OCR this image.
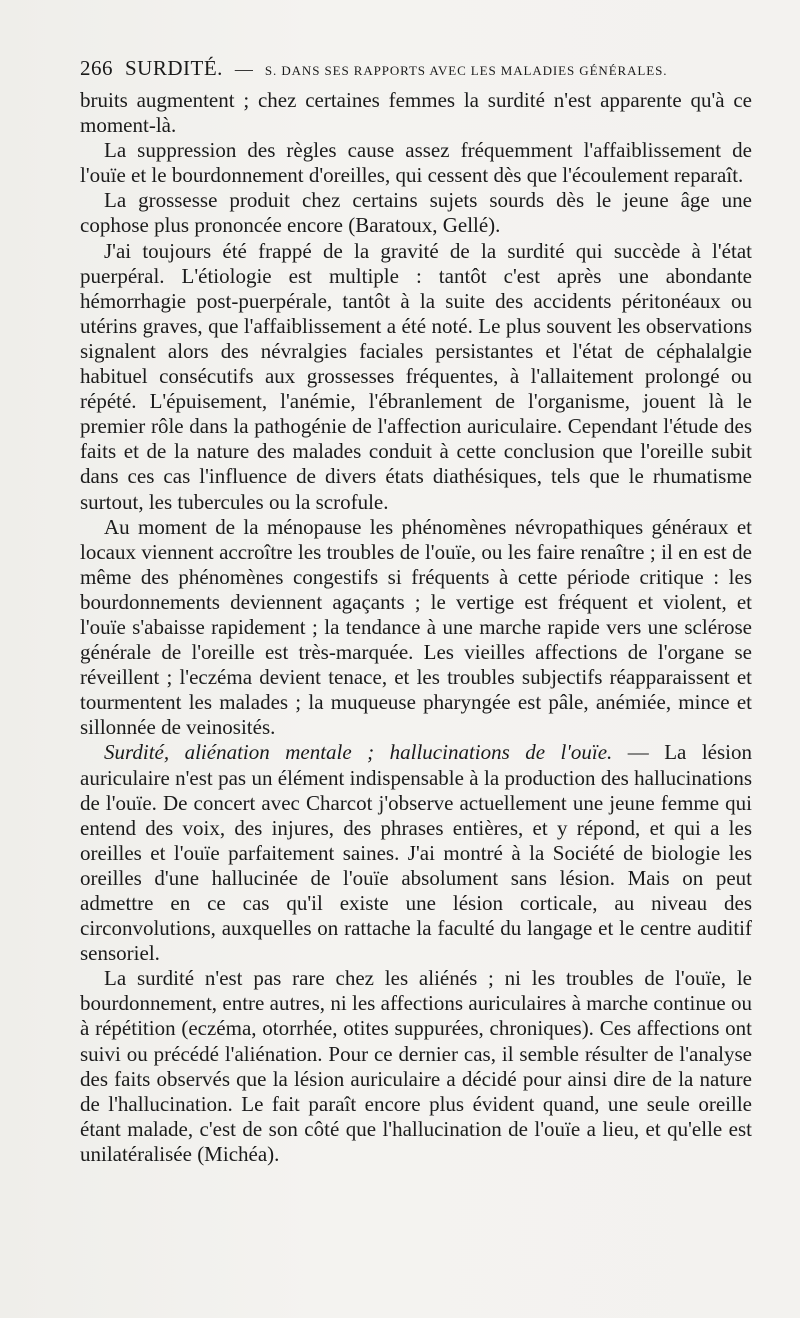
266 SURDITÉ. — S. DANS SES RAPPORTS AVEC LES MALADIES GÉNÉRALES.

bruits augmentent ; chez certaines femmes la surdité n'est apparente qu'à ce moment-là.

La suppression des règles cause assez fréquemment l'affaiblissement de l'ouïe et le bourdonnement d'oreilles, qui cessent dès que l'écoulement reparaît.

La grossesse produit chez certains sujets sourds dès le jeune âge une cophose plus prononcée encore (Baratoux, Gellé).

J'ai toujours été frappé de la gravité de la surdité qui succède à l'état puerpéral. L'étiologie est multiple : tantôt c'est après une abondante hémorrhagie post-puerpérale, tantôt à la suite des accidents péritonéaux ou utérins graves, que l'affaiblissement a été noté. Le plus souvent les observations signalent alors des névralgies faciales persistantes et l'état de céphalalgie habituel consécutifs aux grossesses fréquentes, à l'allaitement prolongé ou répété. L'épuisement, l'anémie, l'ébranlement de l'organisme, jouent là le premier rôle dans la pathogénie de l'affection auriculaire. Cependant l'étude des faits et de la nature des malades conduit à cette conclusion que l'oreille subit dans ces cas l'influence de divers états diathésiques, tels que le rhumatisme surtout, les tubercules ou la scrofule.

Au moment de la ménopause les phénomènes névropathiques généraux et locaux viennent accroître les troubles de l'ouïe, ou les faire renaître ; il en est de même des phénomènes congestifs si fréquents à cette période critique : les bourdonnements deviennent agaçants ; le vertige est fréquent et violent, et l'ouïe s'abaisse rapidement ; la tendance à une marche rapide vers une sclérose générale de l'oreille est très-marquée. Les vieilles affections de l'organe se réveillent ; l'eczéma devient tenace, et les troubles subjectifs réapparaissent et tourmentent les malades ; la muqueuse pharyngée est pâle, anémiée, mince et sillonnée de veinosités.

Surdité, aliénation mentale ; hallucinations de l'ouïe. — La lésion auriculaire n'est pas un élément indispensable à la production des hallucinations de l'ouïe. De concert avec Charcot j'observe actuellement une jeune femme qui entend des voix, des injures, des phrases entières, et y répond, et qui a les oreilles et l'ouïe parfaitement saines. J'ai montré à la Société de biologie les oreilles d'une hallucinée de l'ouïe absolument sans lésion. Mais on peut admettre en ce cas qu'il existe une lésion corticale, au niveau des circonvolutions, auxquelles on rattache la faculté du langage et le centre auditif sensoriel.

La surdité n'est pas rare chez les aliénés ; ni les troubles de l'ouïe, le bourdonnement, entre autres, ni les affections auriculaires à marche continue ou à répétition (eczéma, otorrhée, otites suppurées, chroniques). Ces affections ont suivi ou précédé l'aliénation. Pour ce dernier cas, il semble résulter de l'analyse des faits observés que la lésion auriculaire a décidé pour ainsi dire de la nature de l'hallucination. Le fait paraît encore plus évident quand, une seule oreille étant malade, c'est de son côté que l'hallucination de l'ouïe a lieu, et qu'elle est unilatéralisée (Michéa).
